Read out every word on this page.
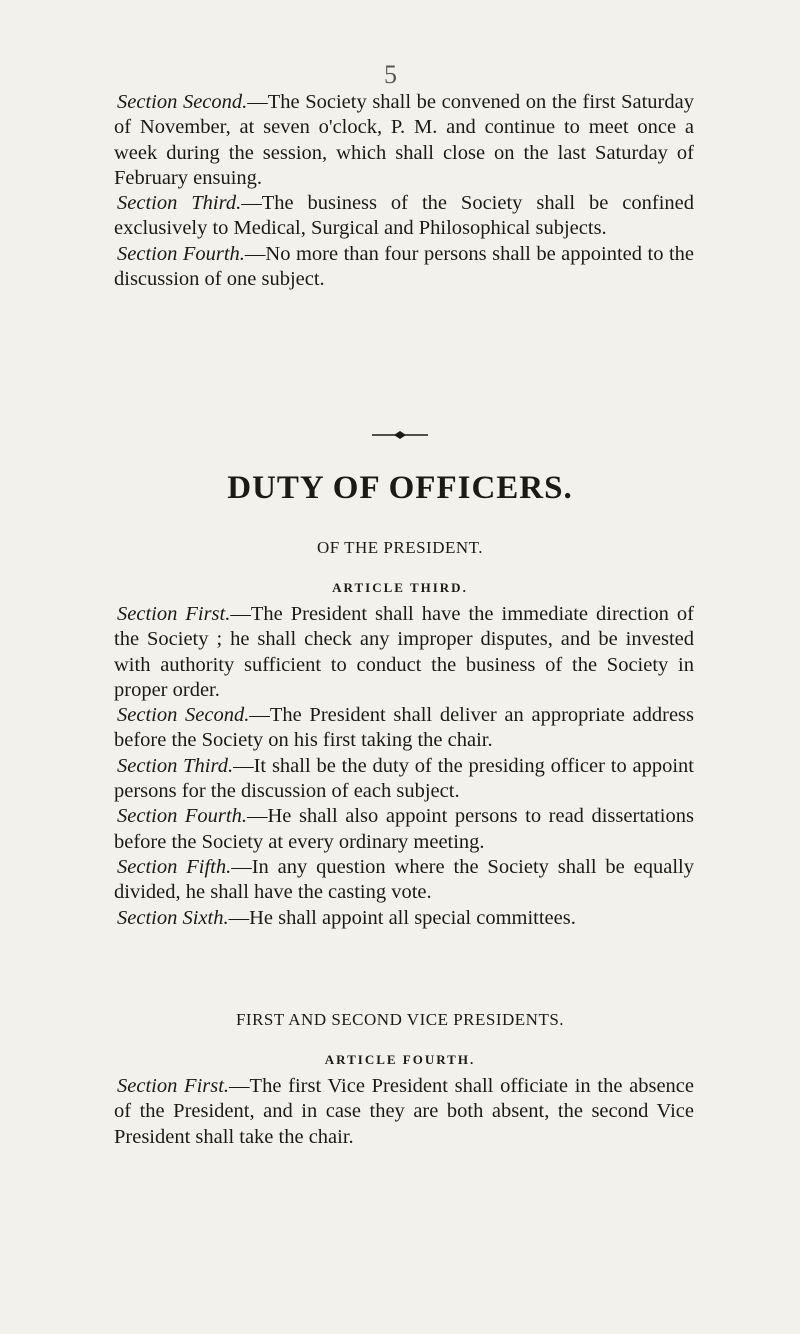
5

Section Second.—The Society shall be convened on the first Saturday of November, at seven o'clock, P. M. and continue to meet once a week during the session, which shall close on the last Saturday of February ensuing.

Section Third.—The business of the Society shall be confined exclusively to Medical, Surgical and Philosophical subjects.

Section Fourth.—No more than four persons shall be appointed to the discussion of one subject.

DUTY OF OFFICERS.
OF THE PRESIDENT.
ARTICLE THIRD.

Section First.—The President shall have the immediate direction of the Society ; he shall check any improper disputes, and be invested with authority sufficient to conduct the business of the Society in proper order.

Section Second.—The President shall deliver an appropriate address before the Society on his first taking the chair.

Section Third.—It shall be the duty of the presiding officer to appoint persons for the discussion of each subject.

Section Fourth.—He shall also appoint persons to read dissertations before the Society at every ordinary meeting.

Section Fifth.—In any question where the Society shall be equally divided, he shall have the casting vote.

Section Sixth.—He shall appoint all special committees.

FIRST AND SECOND VICE PRESIDENTS.
ARTICLE FOURTH.

Section First.—The first Vice President shall officiate in the absence of the President, and in case they are both absent, the second Vice President shall take the chair.
